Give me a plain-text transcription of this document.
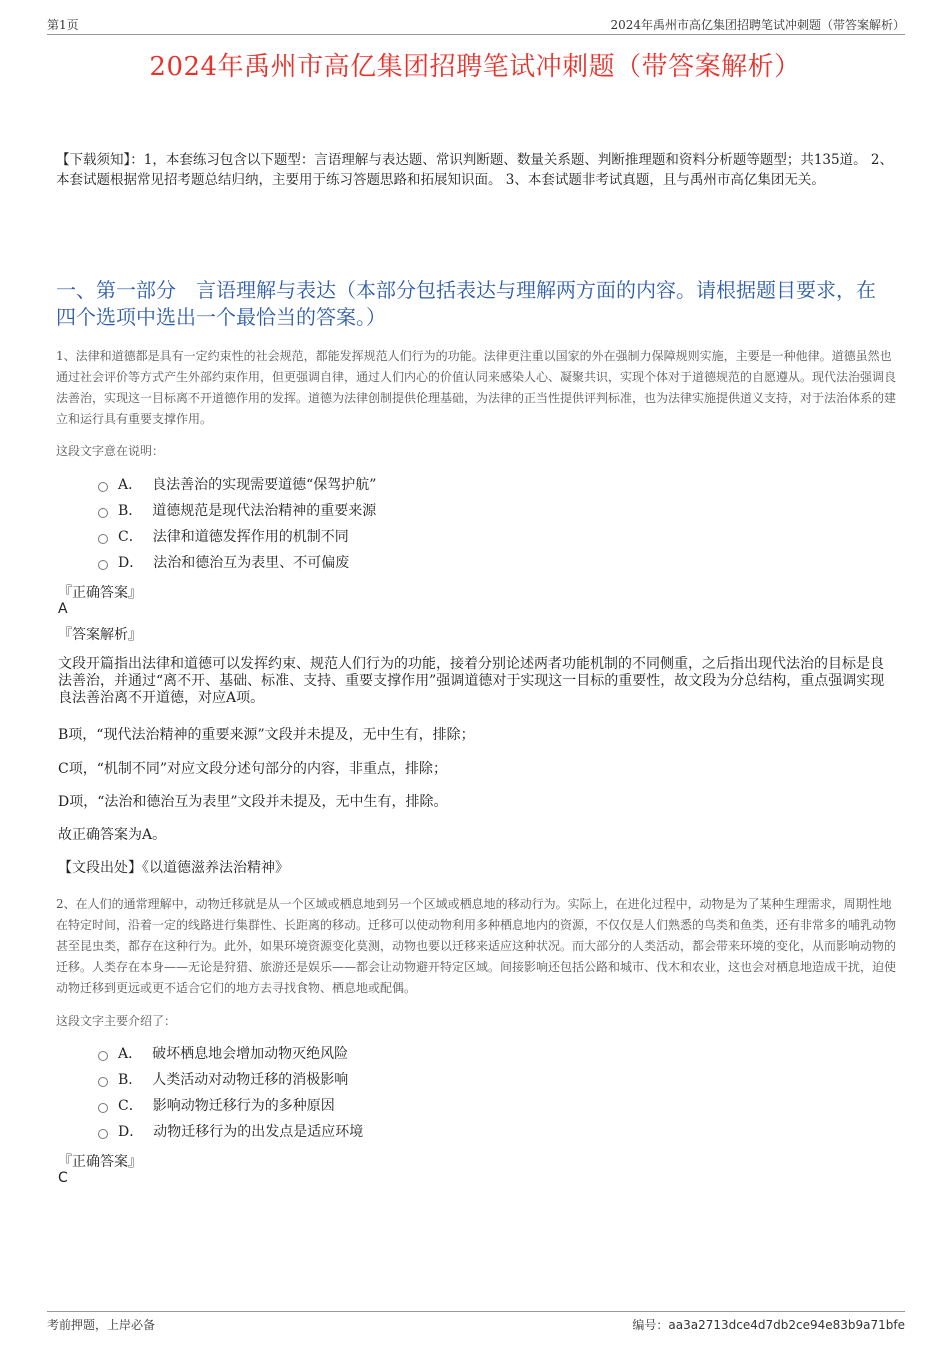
第1页	2024年禹州市高亿集团招聘笔试冲刺题（带答案解析）
2024年禹州市高亿集团招聘笔试冲刺题（带答案解析）
【下载须知】：1，本套练习包含以下题型：言语理解与表达题、常识判断题、数量关系题、判断推理题和资料分析题等题型；共135道。 2、本套试题根据常见招考题总结归纳，主要用于练习答题思路和拓展知识面。 3、本套试题非考试真题，且与禹州市高亿集团无关。
一、第一部分　言语理解与表达（本部分包括表达与理解两方面的内容。请根据题目要求，在四个选项中选出一个最恰当的答案。）
1、法律和道德都是具有一定约束性的社会规范，都能发挥规范人们行为的功能。法律更注重以国家的外在强制力保障规则实施，主要是一种他律。道德虽然也通过社会评价等方式产生外部约束作用，但更强调自律，通过人们内心的价值认同来感染人心、凝聚共识，实现个体对于道德规范的自愿遵从。现代法治强调良法善治，实现这一目标离不开道德作用的发挥。道德为法律创制提供伦理基础，为法律的正当性提供评判标准，也为法律实施提供道义支持，对于法治体系的建立和运行具有重要支撑作用。
这段文字意在说明：
A． 良法善治的实现需要道德“保驾护航”
B． 道德规范是现代法治精神的重要来源
C． 法律和道德发挥作用的机制不同
D． 法治和德治互为表里、不可偏废
『正确答案』
A
『答案解析』
文段开篇指出法律和道德可以发挥约束、规范人们行为的功能，接着分别论述两者功能机制的不同侧重，之后指出现代法治的目标是良法善治，并通过“离不开、基础、标准、支持、重要支撑作用”强调道德对于实现这一目标的重要性，故文段为分总结构，重点强调实现良法善治离不开道德，对应A项。
B项，“现代法治精神的重要来源”文段并未提及，无中生有，排除；
C项，“机制不同”对应文段分述句部分的内容，非重点，排除；
D项，“法治和德治互为表里”文段并未提及，无中生有，排除。
故正确答案为A。
【文段出处】《以道德滋养法治精神》
2、在人们的通常理解中，动物迁移就是从一个区域或栖息地到另一个区域或栖息地的移动行为。实际上，在进化过程中，动物是为了某种生理需求，周期性地在特定时间，沿着一定的线路进行集群性、长距离的移动。迁移可以使动物利用多种栖息地内的资源，不仅仅是人们熟悉的鸟类和鱼类，还有非常多的哺乳动物甚至昆虫类，都存在这种行为。此外，如果环境资源变化莫测，动物也要以迁移来适应这种状况。而大部分的人类活动，都会带来环境的变化，从而影响动物的迁移。人类存在本身——无论是狩猎、旅游还是娱乐——都会让动物避开特定区域。间接影响还包括公路和城市、伐木和农业，这也会对栖息地造成干扰，迫使动物迁移到更远或更不适合它们的地方去寻找食物、栖息地或配偶。
这段文字主要介绍了：
A． 破坏栖息地会增加动物灭绝风险
B． 人类活动对动物迁移的消极影响
C． 影响动物迁移行为的多种原因
D． 动物迁移行为的出发点是适应环境
『正确答案』
C
考前押题，上岸必备	编号：aa3a2713dce4d7db2ce94e83b9a71bfe
